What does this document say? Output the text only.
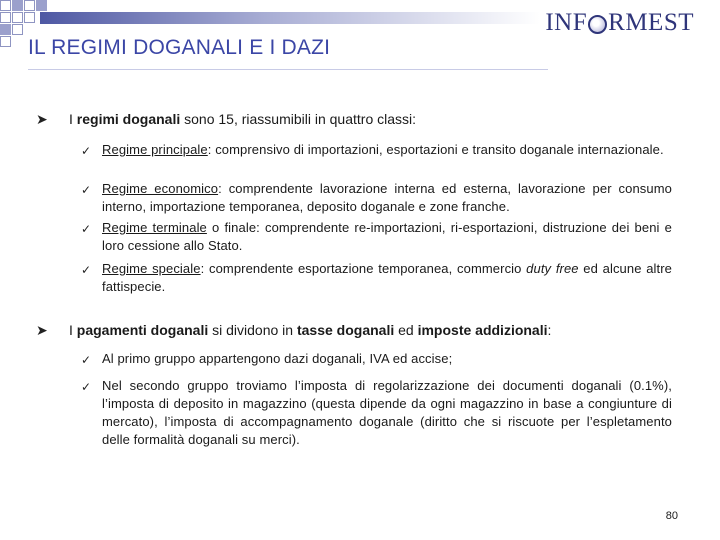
INF RMEST
IL REGIMI DOGANALI E I DAZI
➤ I regimi doganali sono 15, riassumibili in quattro classi:
✓ Regime principale: comprensivo di importazioni, esportazioni e transito doganale internazionale.
✓ Regime economico: comprendente lavorazione interna ed esterna, lavorazione per consumo interno, importazione temporanea, deposito doganale e zone franche.
✓ Regime terminale o finale: comprendente re-importazioni, ri-esportazioni, distruzione dei beni e loro cessione allo Stato.
✓ Regime speciale: comprendente esportazione temporanea, commercio duty free ed alcune altre fattispecie.
➤ I pagamenti doganali si dividono in tasse doganali ed imposte addizionali:
✓ Al primo gruppo appartengono dazi doganali, IVA ed accise;
✓ Nel secondo gruppo troviamo l’imposta di regolarizzazione dei documenti doganali (0.1%), l’imposta di deposito in magazzino (questa dipende da ogni magazzino in base a congiunture di mercato), l’imposta di accompagnamento doganale (diritto che si riscuote per l’espletamento delle formalità doganali su merci).
80
